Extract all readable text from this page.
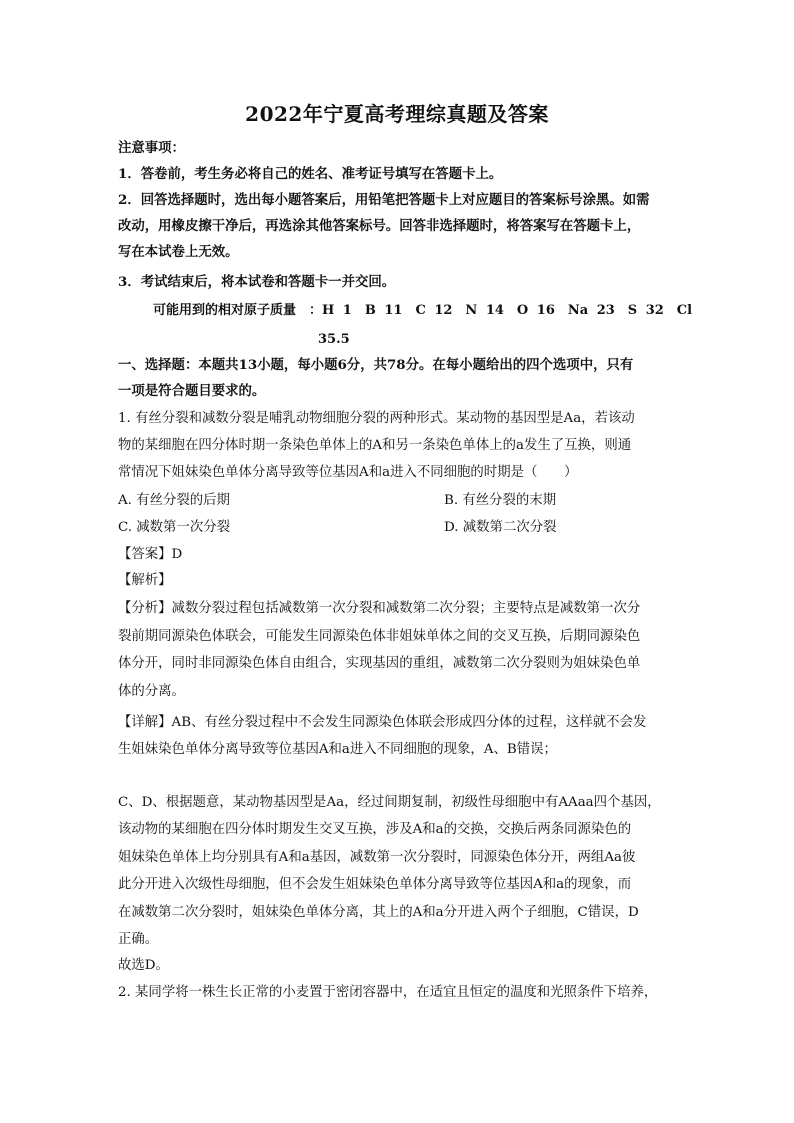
2022年宁夏高考理综真题及答案
注意事项：
1．答卷前，考生务必将自己的姓名、准考证号填写在答题卡上。
2．回答选择题时，选出每小题答案后，用铅笔把答题卡上对应题目的答案标号涂黑。如需
改动，用橡皮擦干净后，再选涂其他答案标号。回答非选择题时，将答案写在答题卡上，
写在本试卷上无效。
3．考试结束后，将本试卷和答题卡一并交回。
可能用到的相对原子质量　：H 1　B 11　C 12　N 14　O 16　Na 23　S 32　Cl
35.5
一、选择题：本题共13小题，每小题6分，共78分。在每小题给出的四个选项中，只有
一项是符合题目要求的。
1. 有丝分裂和减数分裂是哺乳动物细胞分裂的两种形式。某动物的基因型是Aa，若该动
物的某细胞在四分体时期一条染色单体上的A和另一条染色单体上的a发生了互换，则通
常情况下姐妹染色单体分离导致等位基因A和a进入不同细胞的时期是（　　）
A. 有丝分裂的后期	B. 有丝分裂的末期
C. 减数第一次分裂	D. 减数第二次分裂
【答案】D
【解析】
【分析】减数分裂过程包括减数第一次分裂和减数第二次分裂；主要特点是减数第一次分
裂前期同源染色体联会，可能发生同源染色体非姐妹单体之间的交叉互换，后期同源染色
体分开，同时非同源染色体自由组合，实现基因的重组，减数第二次分裂则为姐妹染色单
体的分离。
【详解】AB、有丝分裂过程中不会发生同源染色体联会形成四分体的过程，这样就不会发
生姐妹染色单体分离导致等位基因A和a进入不同细胞的现象，A、B错误；
C、D、根据题意，某动物基因型是Aa，经过间期复制，初级性母细胞中有AAaa四个基因，
该动物的某细胞在四分体时期发生交叉互换，涉及A和a的交换，交换后两条同源染色的
姐妹染色单体上均分别具有A和a基因，减数第一次分裂时，同源染色体分开，两组Aa彼
此分开进入次级性母细胞，但不会发生姐妹染色单体分离导致等位基因A和a的现象，而
在减数第二次分裂时，姐妹染色单体分离，其上的A和a分开进入两个子细胞，C错误，D
正确。
故选D。
2. 某同学将一株生长正常的小麦置于密闭容器中，在适宜且恒定的温度和光照条件下培养，
